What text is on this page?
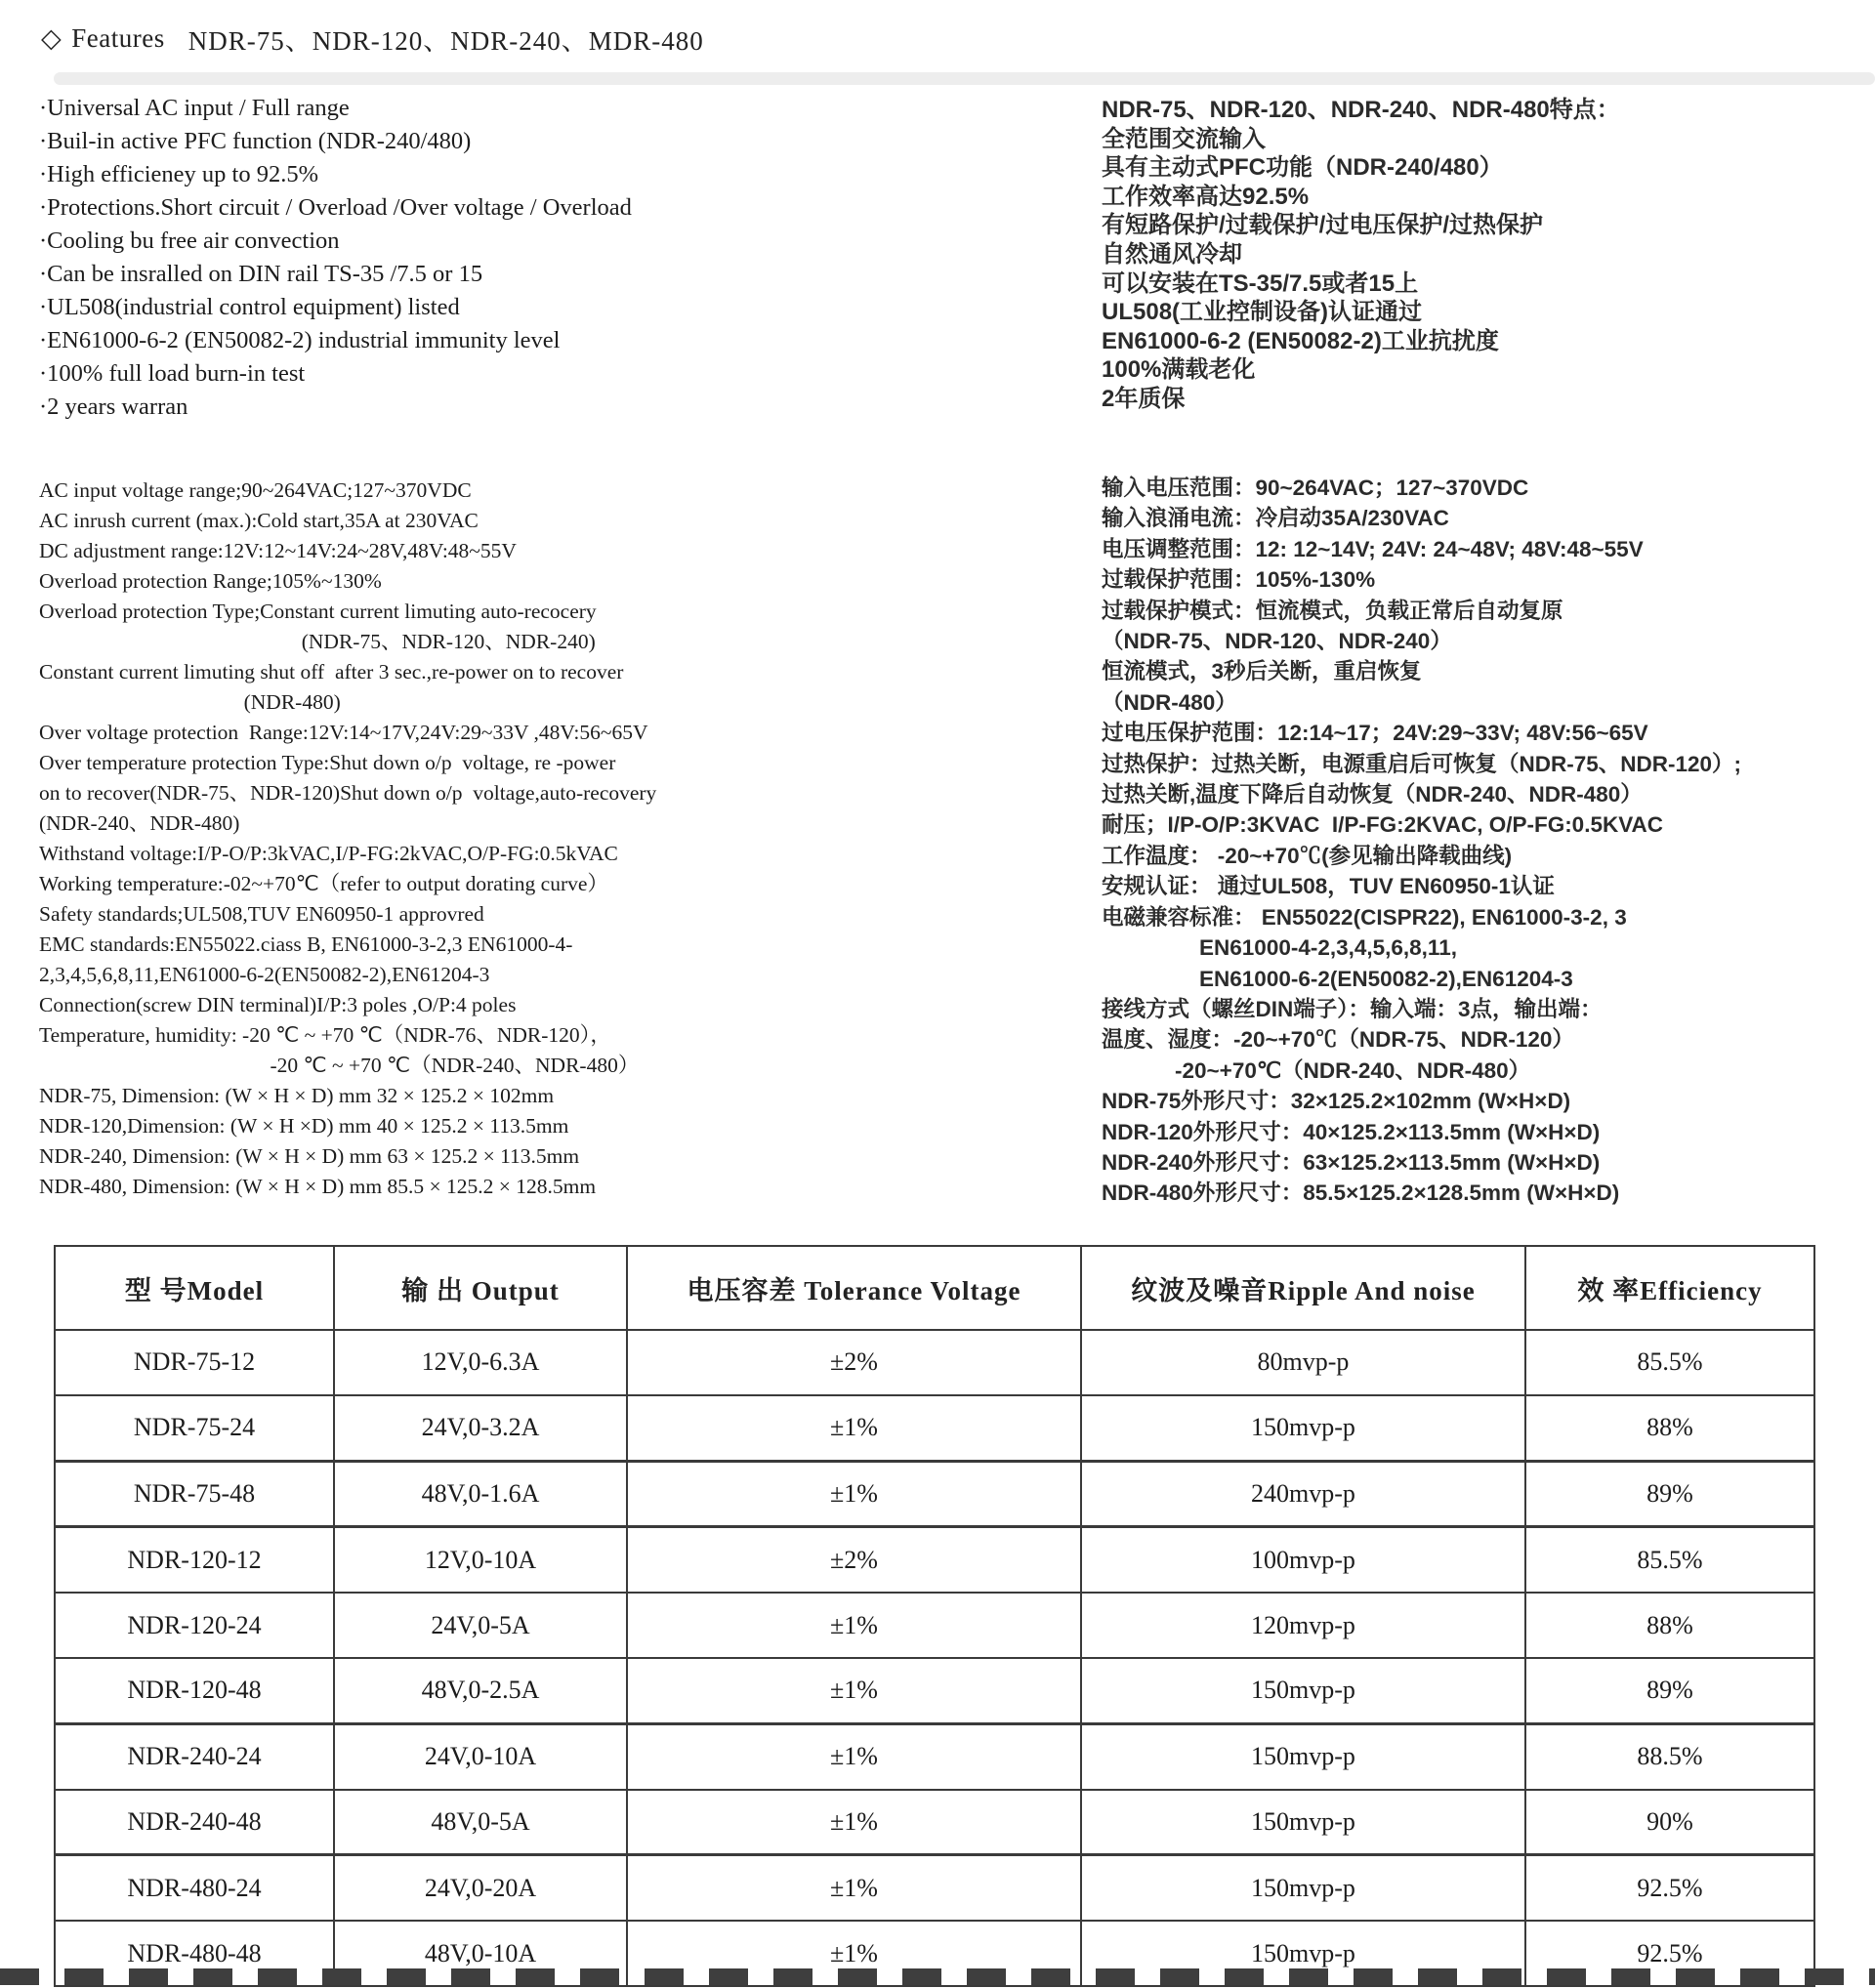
◇ Features NDR-75、NDR-120、NDR-240、MDR-480
·Universal AC input / Full range
·Buil-in active PFC function (NDR-240/480)
·High efficieney up to 92.5%
·Protections.Short circuit / Overload /Over voltage / Overload
·Cooling bu free air convection
·Can be insralled on DIN rail TS-35 /7.5 or 15
·UL508(industrial control equipment) listed
·EN61000-6-2 (EN50082-2) industrial immunity level
·100% full load burn-in test
·2 years warran
NDR-75、NDR-120、NDR-240、NDR-480特点：
全范围交流输入
具有主动式PFC功能（NDR-240/480）
工作效率高达92.5%
有短路保护/过载保护/过电压保护/过热保护
自然通风冷却
可以安装在TS-35/7.5或者15上
UL508(工业控制设备)认证通过
EN61000-6-2 (EN50082-2)工业抗扰度
100%满载老化
2年质保
AC input voltage range;90~264VAC;127~370VDC
AC inrush current (max.):Cold start,35A at 230VAC
DC adjustment range:12V:12~14V:24~28V,48V:48~55V
Overload protection Range;105%~130%
Overload protection Type;Constant current limuting auto-recocery
(NDR-75、NDR-120、NDR-240)
Constant current limuting shut off  after 3 sec.,re-power on to recover
(NDR-480)
Over voltage protection  Range:12V:14~17V,24V:29~33V ,48V:56~65V
Over temperature protection Type:Shut down o/p  voltage, re -power
on to recover(NDR-75、NDR-120)Shut down o/p  voltage,auto-recovery
(NDR-240、NDR-480)
Withstand voltage:I/P-O/P:3kVAC,I/P-FG:2kVAC,O/P-FG:0.5kVAC
Working temperature:-02~+70℃（refer to output dorating curve）
Safety standards;UL508,TUV EN60950-1 approvred
EMC standards:EN55022.ciass B, EN61000-3-2,3 EN61000-4-
2,3,4,5,6,8,11,EN61000-6-2(EN50082-2),EN61204-3
Connection(screw DIN terminal)I/P:3 poles ,O/P:4 poles
Temperature, humidity: -20 ℃ ~ +70 ℃（NDR-76、NDR-120），
-20 ℃ ~ +70 ℃（NDR-240、NDR-480）
NDR-75, Dimension: (W × H × D) mm 32 × 125.2 × 102mm
NDR-120,Dimension: (W × H ×D) mm 40 × 125.2 × 113.5mm
NDR-240, Dimension: (W × H × D) mm 63 × 125.2 × 113.5mm
NDR-480, Dimension: (W × H × D) mm 85.5 × 125.2 × 128.5mm
输入电压范围：90~264VAC；127~370VDC
输入浪涌电流：冷启动35A/230VAC
电压调整范围：12: 12~14V; 24V: 24~48V; 48V:48~55V
过载保护范围：105%-130%
过载保护模式：恒流模式，负载正常后自动复原
（NDR-75、NDR-120、NDR-240）
恒流模式，3秒后关断，重启恢复
（NDR-480）
过电压保护范围：12:14~17；24V:29~33V; 48V:56~65V
过热保护：过热关断，电源重启后可恢复（NDR-75、NDR-120）;
过热关断,温度下降后自动恢复（NDR-240、NDR-480）
耐压；I/P-O/P:3KVAC  I/P-FG:2KVAC, O/P-FG:0.5KVAC
工作温度： -20~+70℃(参见输出降载曲线)
安规认证： 通过UL508，TUV EN60950-1认证
电磁兼容标准： EN55022(CISPR22), EN61000-3-2, 3
EN61000-4-2,3,4,5,6,8,11,
EN61000-6-2(EN50082-2),EN61204-3
接线方式（螺丝DIN端子）：输入端：3点，输出端：
温度、湿度：-20~+70℃（NDR-75、NDR-120）
-20~+70℃（NDR-240、NDR-480）
NDR-75外形尺寸：32×125.2×102mm (W×H×D)
NDR-120外形尺寸：40×125.2×113.5mm (W×H×D)
NDR-240外形尺寸：63×125.2×113.5mm (W×H×D)
NDR-480外形尺寸：85.5×125.2×128.5mm (W×H×D)
型 号Model	输 出 Output	电压容差 Tolerance Voltage	纹波及噪音Ripple And noise	效 率Efficiency
NDR-75-12	12V,0-6.3A	±2%	80mvp-p	85.5%
NDR-75-24	24V,0-3.2A	±1%	150mvp-p	88%
NDR-75-48	48V,0-1.6A	±1%	240mvp-p	89%
NDR-120-12	12V,0-10A	±2%	100mvp-p	85.5%
NDR-120-24	24V,0-5A	±1%	120mvp-p	88%
NDR-120-48	48V,0-2.5A	±1%	150mvp-p	89%
NDR-240-24	24V,0-10A	±1%	150mvp-p	88.5%
NDR-240-48	48V,0-5A	±1%	150mvp-p	90%
NDR-480-24	24V,0-20A	±1%	150mvp-p	92.5%
NDR-480-48	48V,0-10A	±1%	150mvp-p	92.5%
